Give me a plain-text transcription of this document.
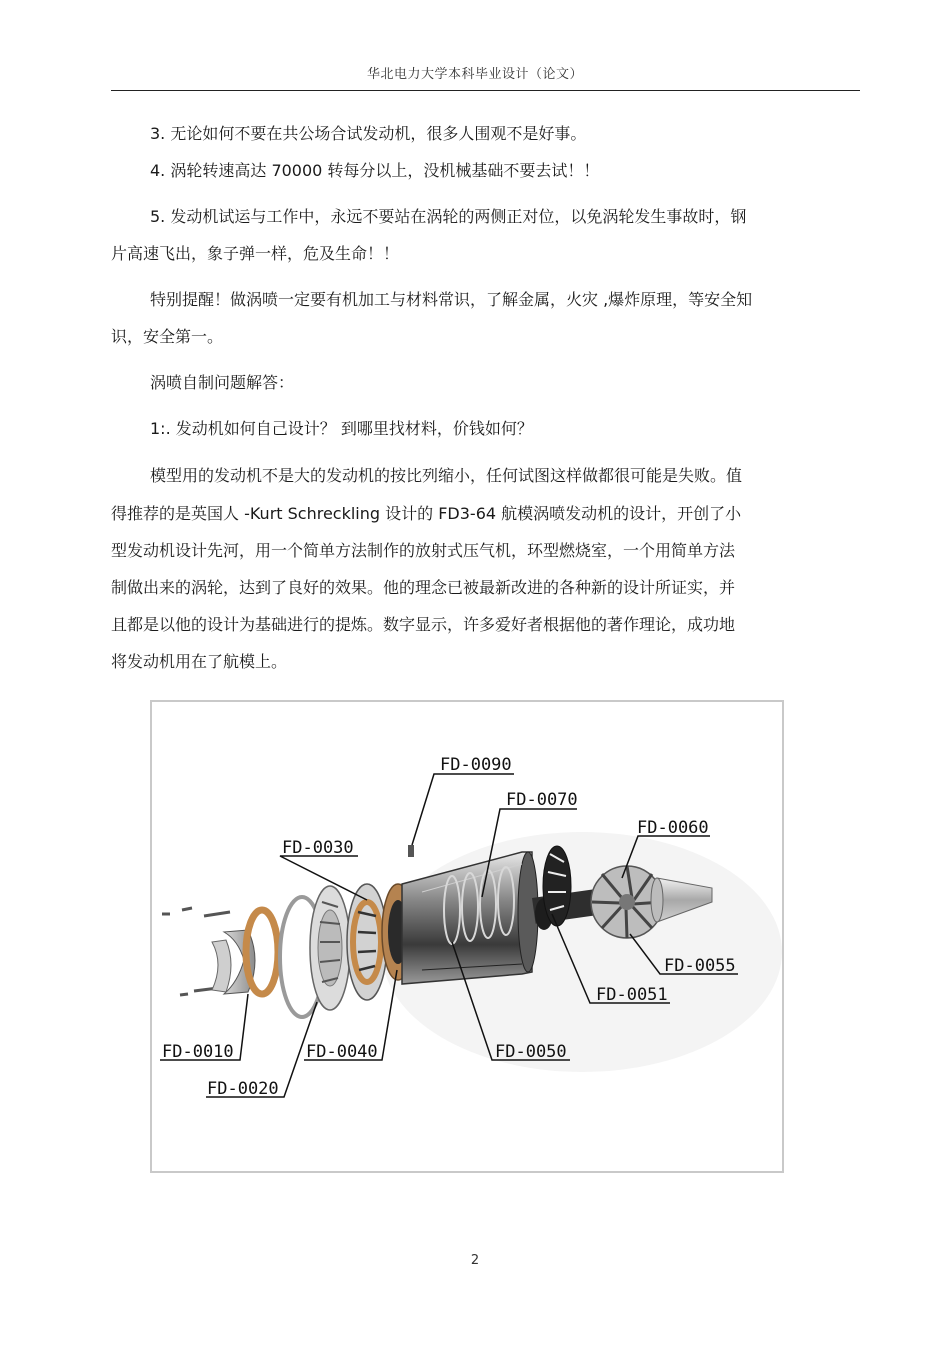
华北电力大学本科毕业设计（论文）
3. 无论如何不要在共公场合试发动机，很多人围观不是好事。
4. 涡轮转速高达 70000 转每分以上，没机械基础不要去试！！
5. 发动机试运与工作中，永远不要站在涡轮的两侧正对位，以免涡轮发生事故时，钢
片高速飞出，象子弹一样，危及生命！！
特别提醒！做涡喷一定要有机加工与材料常识，了解金属，火灾 ,爆炸原理，等安全知
识，安全第一。
涡喷自制问题解答：
1:. 发动机如何自己设计？ 到哪里找材料，价钱如何？
模型用的发动机不是大的发动机的按比列缩小，任何试图这样做都很可能是失败。值
得推荐的是英国人 -Kurt Schreckling 设计的 FD3-64 航模涡喷发动机的设计，开创了小
型发动机设计先河，用一个简单方法制作的放射式压气机，环型燃烧室，一个用简单方法
制做出来的涡轮，达到了良好的效果。他的理念已被最新改进的各种新的设计所证实，并
且都是以他的设计为基础进行的提炼。数字显示，许多爱好者根据他的著作理论，成功地
将发动机用在了航模上。
FD-0090
FD-0070
FD-0060
FD-0030
FD-0055
FD-0051
FD-0010	FD-0040	FD-0050
FD-0020
2
